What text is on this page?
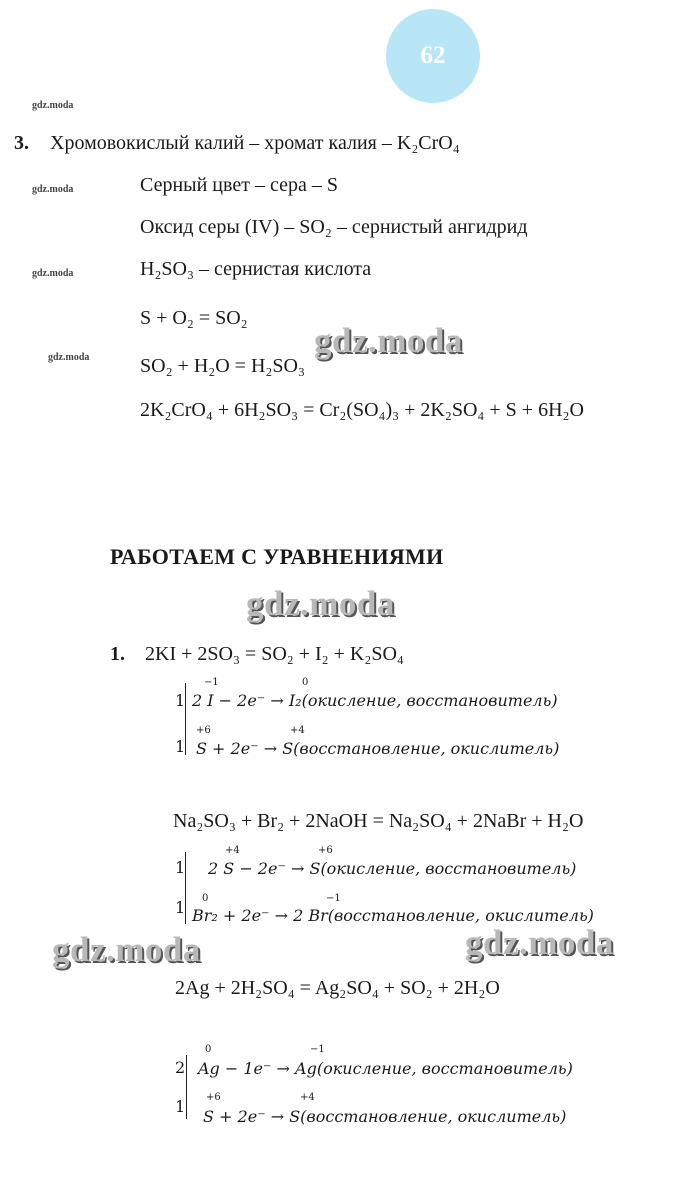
62
gdz.moda
gdz.moda
gdz.moda
gdz.moda
3. Хромовокислый калий – хромат калия – K₂CrO₄
Серный цвет – сера – S
Оксид серы (IV) – SO₂ – сернистый ангидрид
H₂SO₃ – сернистая кислота
S + O₂ = SO₂
SO₂ + H₂O = H₂SO₃
2K₂CrO₄ + 6H₂SO₃ = Cr₂(SO₄)₃ + 2K₂SO₄ + S + 6H₂O
gdz.moda
gdz.moda
gdz.moda	gdz.moda
РАБОТАЕМ С УРАВНЕНИЯМИ
1. 2KI + 2SO₃ = SO₂ + I₂ + K₂SO₄
1
−1	0
2 I − 2e⁻ → I₂(окисление, восстановитель)
1
+6	+4
S + 2e⁻ → S(восстановление, окислитель)
Na₂SO₃ + Br₂ + 2NaOH = Na₂SO₄ + 2NaBr + H₂O
1
+4	+6
2 S − 2e⁻ → S(окисление, восстановитель)
1 0	−1
Br₂ + 2e⁻ → 2 Br(восстановление, окислитель)
2Ag + 2H₂SO₄ = Ag₂SO₄ + SO₂ + 2H₂O
2
0	−1
Ag − 1e⁻ → Ag(окисление, восстановитель)
1 +6	+4
S + 2e⁻ → S(восстановление, окислитель)
